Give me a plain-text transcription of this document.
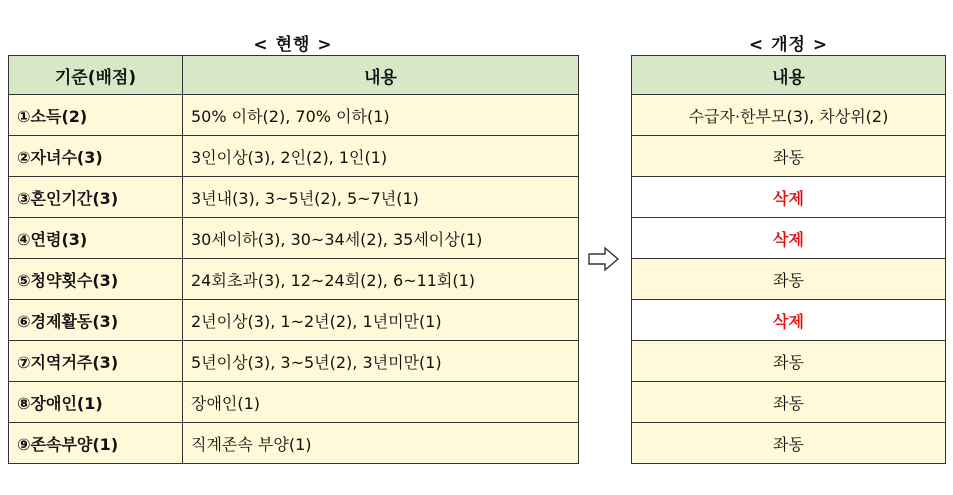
< 현행 >	< 개정 >
기준(배점)	내용
①소득(2)	50% 이하(2), 70% 이하(1)
②자녀수(3)	3인이상(3), 2인(2), 1인(1)
③혼인기간(3)	3년내(3), 3~5년(2), 5~7년(1)
④연령(3)	30세이하(3), 30~34세(2), 35세이상(1)
⑤청약횟수(3)	24회초과(3), 12~24회(2), 6~11회(1)
⑥경제활동(3)	2년이상(3), 1~2년(2), 1년미만(1)
⑦지역거주(3)	5년이상(3), 3~5년(2), 3년미만(1)
⑧장애인(1)	장애인(1)
⑨존속부양(1)	직계존속 부양(1)
내용
수급자·한부모(3), 차상위(2)
좌동
삭제
삭제
좌동
삭제
좌동
좌동
좌동
